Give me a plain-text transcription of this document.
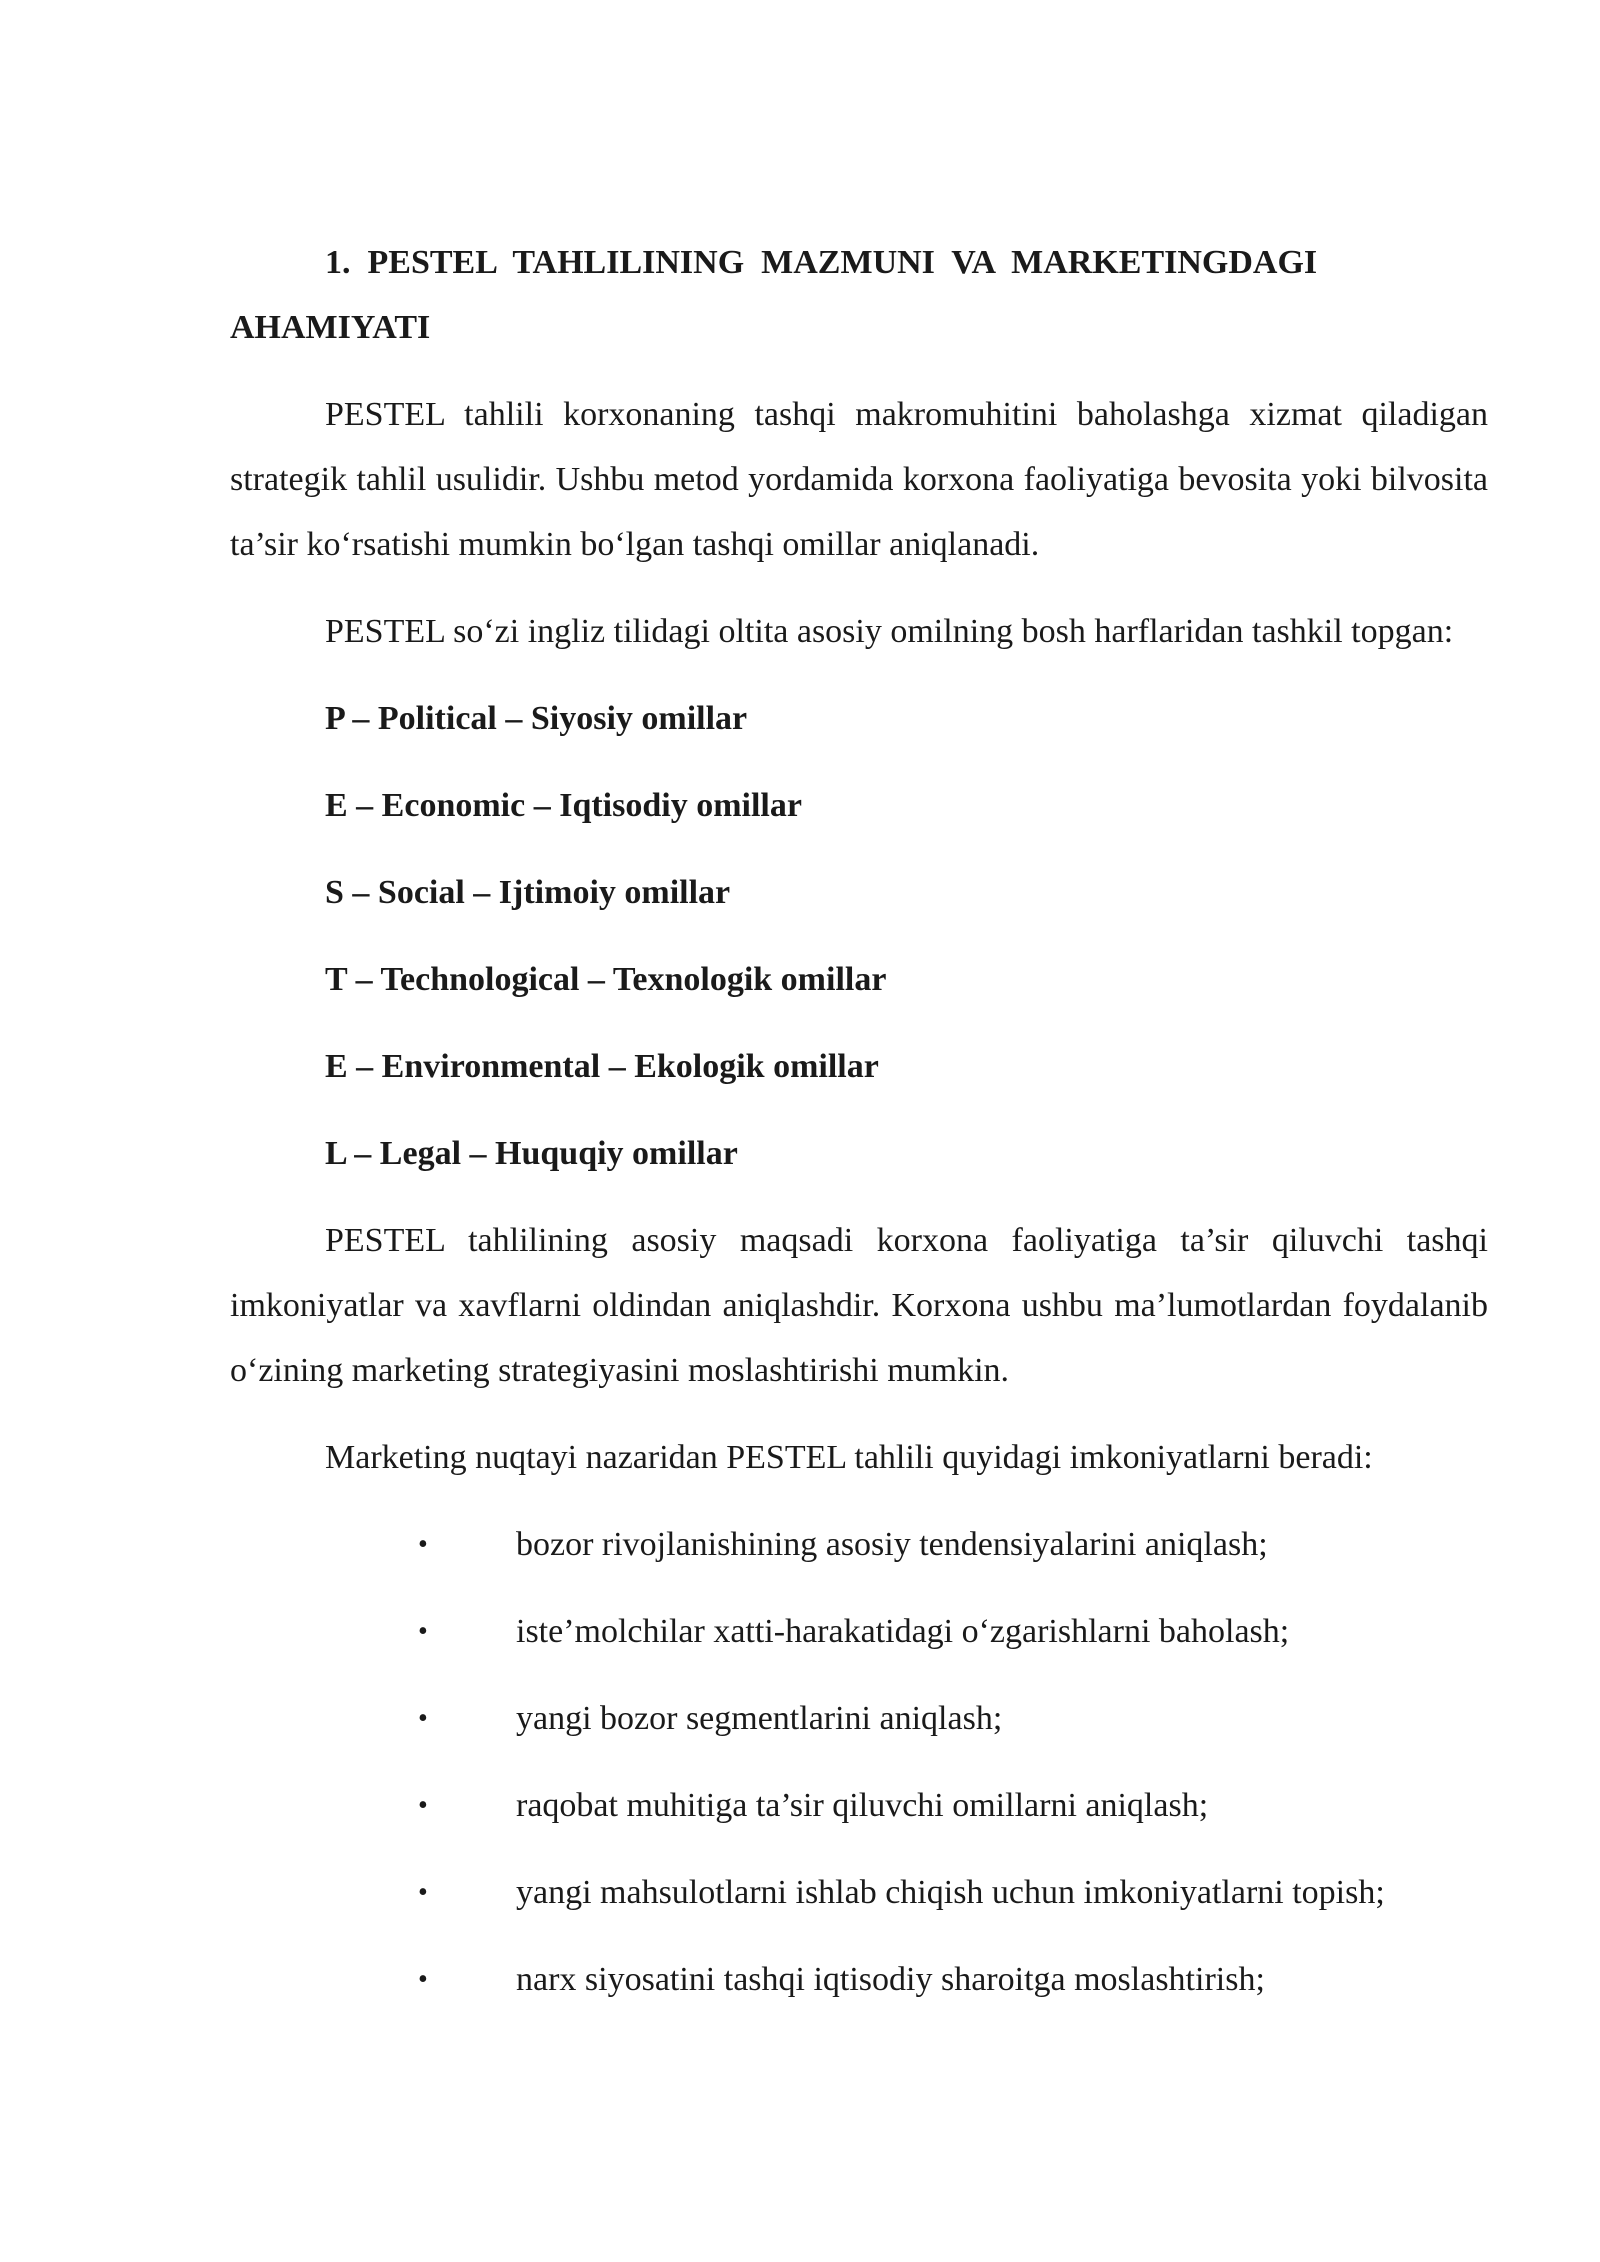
1.  PESTEL  TAHLILINING  MAZMUNI  VA  MARKETINGDAGI
AHAMIYATI

PESTEL tahlili korxonaning tashqi makromuhitini baholashga xizmat qiladigan strategik tahlil usulidir. Ushbu metod yordamida korxona faoliyatiga bevosita yoki bilvosita ta’sir ko‘rsatishi mumkin bo‘lgan tashqi omillar aniqlanadi.

PESTEL so‘zi ingliz tilidagi oltita asosiy omilning bosh harflaridan tashkil topgan:

P – Political – Siyosiy omillar

E – Economic – Iqtisodiy omillar

S – Social – Ijtimoiy omillar

T – Technological – Texnologik omillar

E – Environmental – Ekologik omillar

L – Legal – Huquqiy omillar

PESTEL tahlilining asosiy maqsadi korxona faoliyatiga ta’sir qiluvchi tashqi imkoniyatlar va xavflarni oldindan aniqlashdir. Korxona ushbu ma’lumotlardan foydalanib o‘zining marketing strategiyasini moslashtirishi mumkin.

Marketing nuqtayi nazaridan PESTEL tahlili quyidagi imkoniyatlarni beradi:

•	bozor rivojlanishining asosiy tendensiyalarini aniqlash;
•	iste’molchilar xatti-harakatidagi o‘zgarishlarni baholash;
•	yangi bozor segmentlarini aniqlash;
•	raqobat muhitiga ta’sir qiluvchi omillarni aniqlash;
•	yangi mahsulotlarni ishlab chiqish uchun imkoniyatlarni topish;
•	narx siyosatini tashqi iqtisodiy sharoitga moslashtirish;
